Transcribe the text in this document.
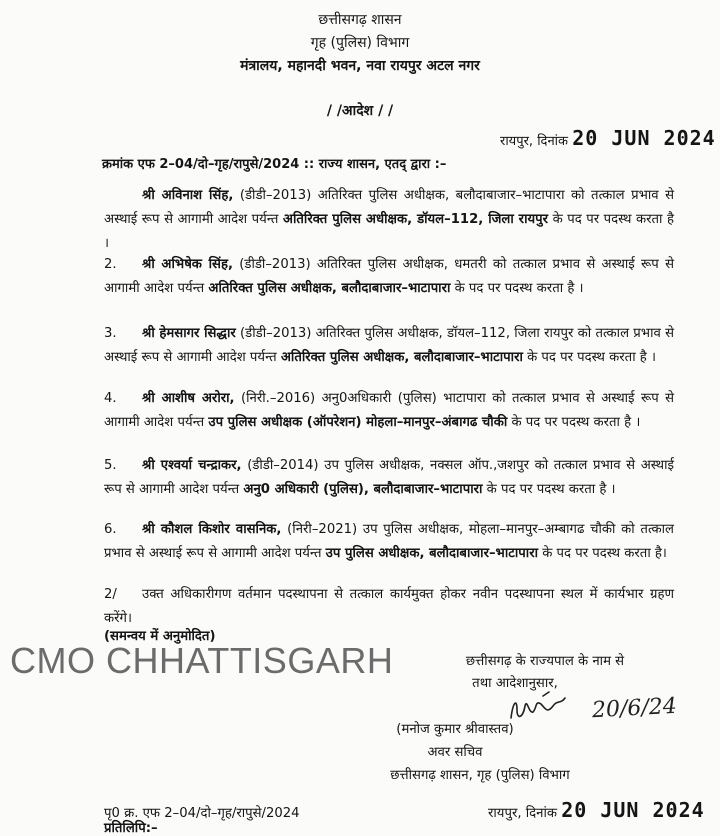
छत्तीसगढ़ शासन
गृह (पुलिस) विभाग
मंत्रालय, महानदी भवन, नवा रायपुर अटल नगर
/ /आदेश / /
रायपुर, दिनांक 20 JUN 2024
क्रमांक एफ 2–04/दो–गृह/रापुसे/2024 :: राज्य शासन, एतद् द्वारा :–
श्री अविनाश सिंह, (डीडी–2013) अतिरिक्त पुलिस अधीक्षक, बलौदाबाजार–भाटापारा को तत्काल प्रभाव से अस्थाई रूप से आगामी आदेश पर्यन्त अतिरिक्त पुलिस अधीक्षक, डॉयल–112, जिला रायपुर के पद पर पदस्थ करता है ।
2. श्री अभिषेक सिंह, (डीडी–2013) अतिरिक्त पुलिस अधीक्षक, धमतरी को तत्काल प्रभाव से अस्थाई रूप से आगामी आदेश पर्यन्त अतिरिक्त पुलिस अधीक्षक, बलौदाबाजार–भाटापारा के पद पर पदस्थ करता है ।
3. श्री हेमसागर सिद्धार (डीडी–2013) अतिरिक्त पुलिस अधीक्षक, डॉयल–112, जिला रायपुर को तत्काल प्रभाव से अस्थाई रूप से आगामी आदेश पर्यन्त अतिरिक्त पुलिस अधीक्षक, बलौदाबाजार–भाटापारा के पद पर पदस्थ करता है ।
4. श्री आशीष अरोरा, (निरी.–2016) अनु0अधिकारी (पुलिस) भाटापारा को तत्काल प्रभाव से अस्थाई रूप से आगामी आदेश पर्यन्त उप पुलिस अधीक्षक (ऑपरेशन) मोहला–मानपुर–अंबागढ चौकी के पद पर पदस्थ करता है ।
5. श्री एश्वर्या चन्द्राकर, (डीडी–2014) उप पुलिस अधीक्षक, नक्सल ऑप.,जशपुर को तत्काल प्रभाव से अस्थाई रूप से आगामी आदेश पर्यन्त अनु0 अधिकारी (पुलिस), बलौदाबाजार–भाटापारा के पद पर पदस्थ करता है ।
6. श्री कौशल किशोर वासनिक, (निरी–2021) उप पुलिस अधीक्षक, मोहला–मानपुर–अम्बागढ चौकी को तत्काल प्रभाव से अस्थाई रूप से आगामी आदेश पर्यन्त उप पुलिस अधीक्षक, बलौदाबाजार–भाटापारा के पद पर पदस्थ करता है।
2/ उक्त अधिकारीगण वर्तमान पदस्थापना से तत्काल कार्यमुक्त होकर नवीन पदस्थापना स्थल में कार्यभार ग्रहण करेंगे।
(समन्वय में अनुमोदित)
CMO CHHATTISGARH	छत्तीसगढ़ के राज्यपाल के नाम से
तथा आदेशानुसार,
20/6/24
(मनोज कुमार श्रीवास्तव)
अवर सचिव
छत्तीसगढ़ शासन, गृह (पुलिस) विभाग
पृ0 क्र. एफ 2–04/दो–गृह/रापुसे/2024	रायपुर, दिनांक 20 JUN 2024
प्रतिलिपि:–
